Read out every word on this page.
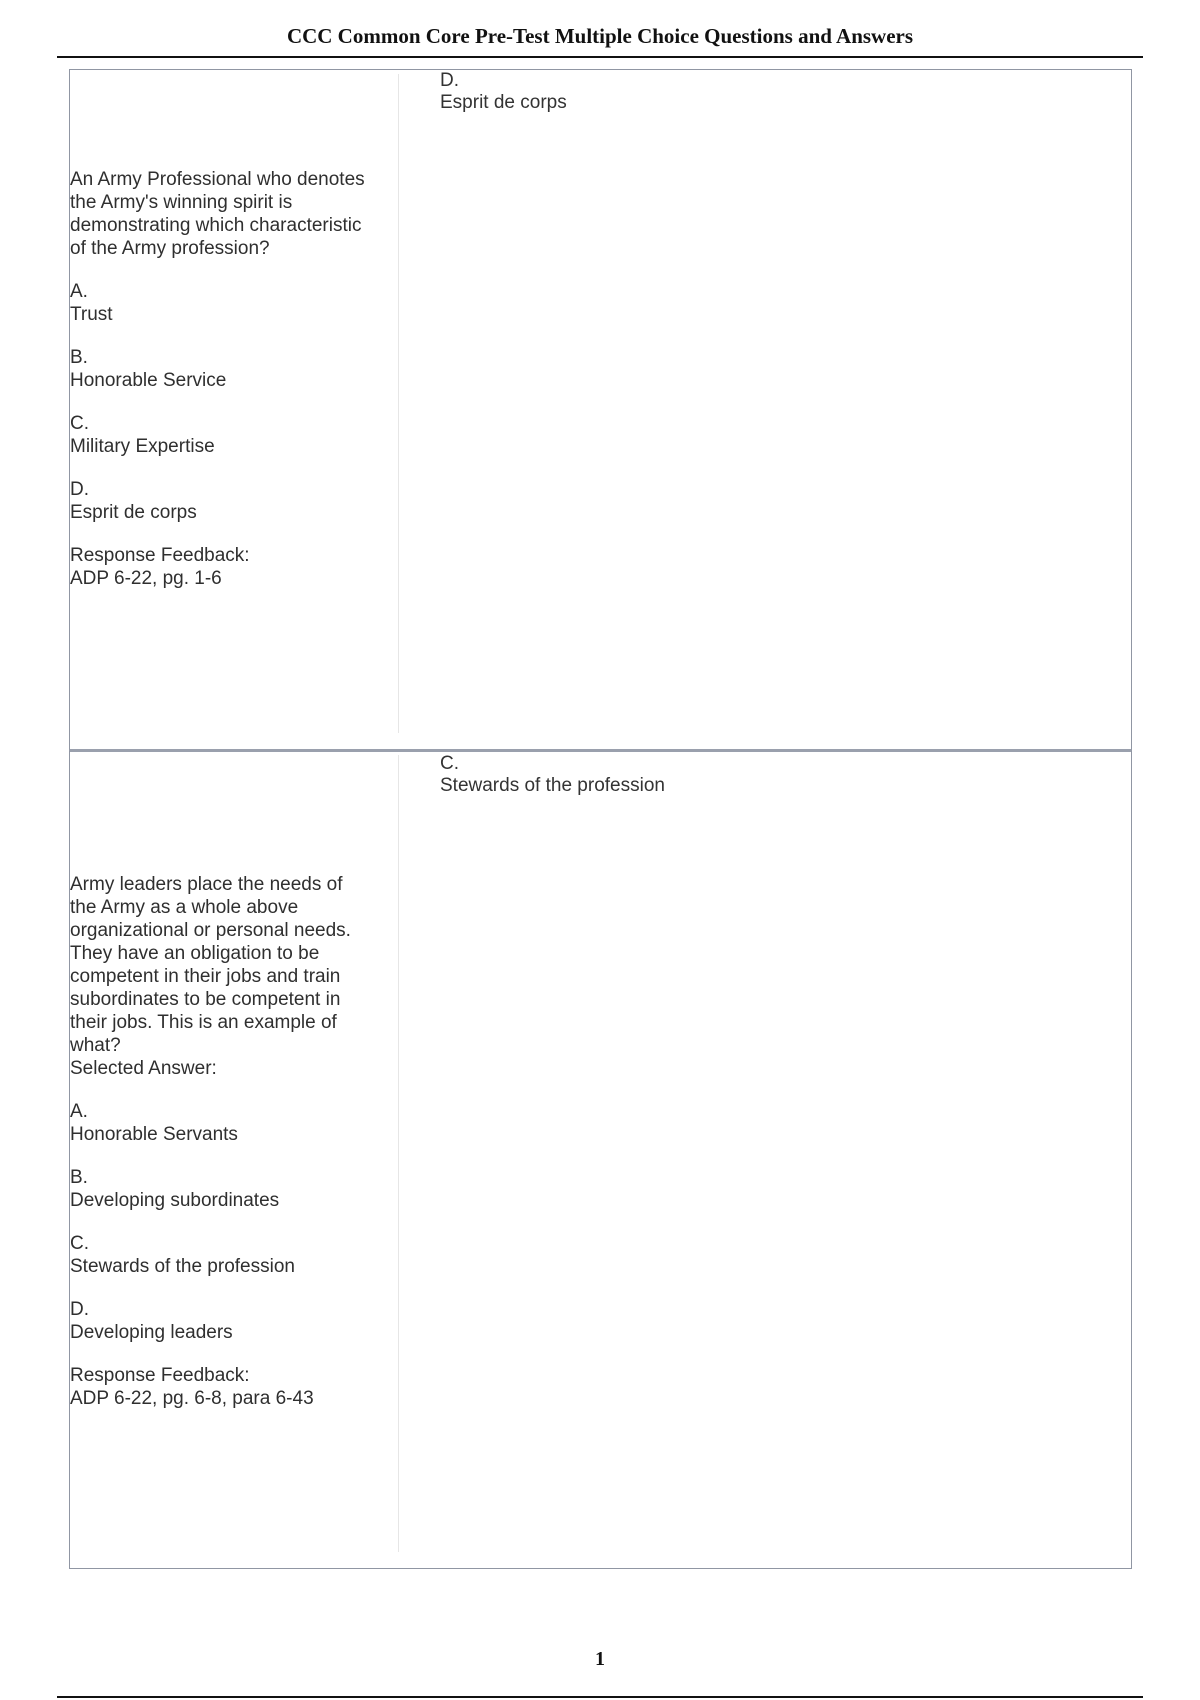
CCC Common Core Pre-Test Multiple Choice Questions and Answers
D.
Esprit de corps
An Army Professional who denotes the Army's winning spirit is demonstrating which characteristic of the Army profession?
A.
Trust
B.
Honorable Service
C.
Military Expertise
D.
Esprit de corps
Response Feedback:
ADP 6-22, pg. 1-6
C.
Stewards of the profession
Army leaders place the needs of the Army as a whole above organizational or personal needs. They have an obligation to be competent in their jobs and train subordinates to be competent in their jobs. This is an example of what?
Selected Answer:
A.
Honorable Servants
B.
Developing subordinates
C.
Stewards of the profession
D.
Developing leaders
Response Feedback:
ADP 6-22, pg. 6-8, para 6-43
1
